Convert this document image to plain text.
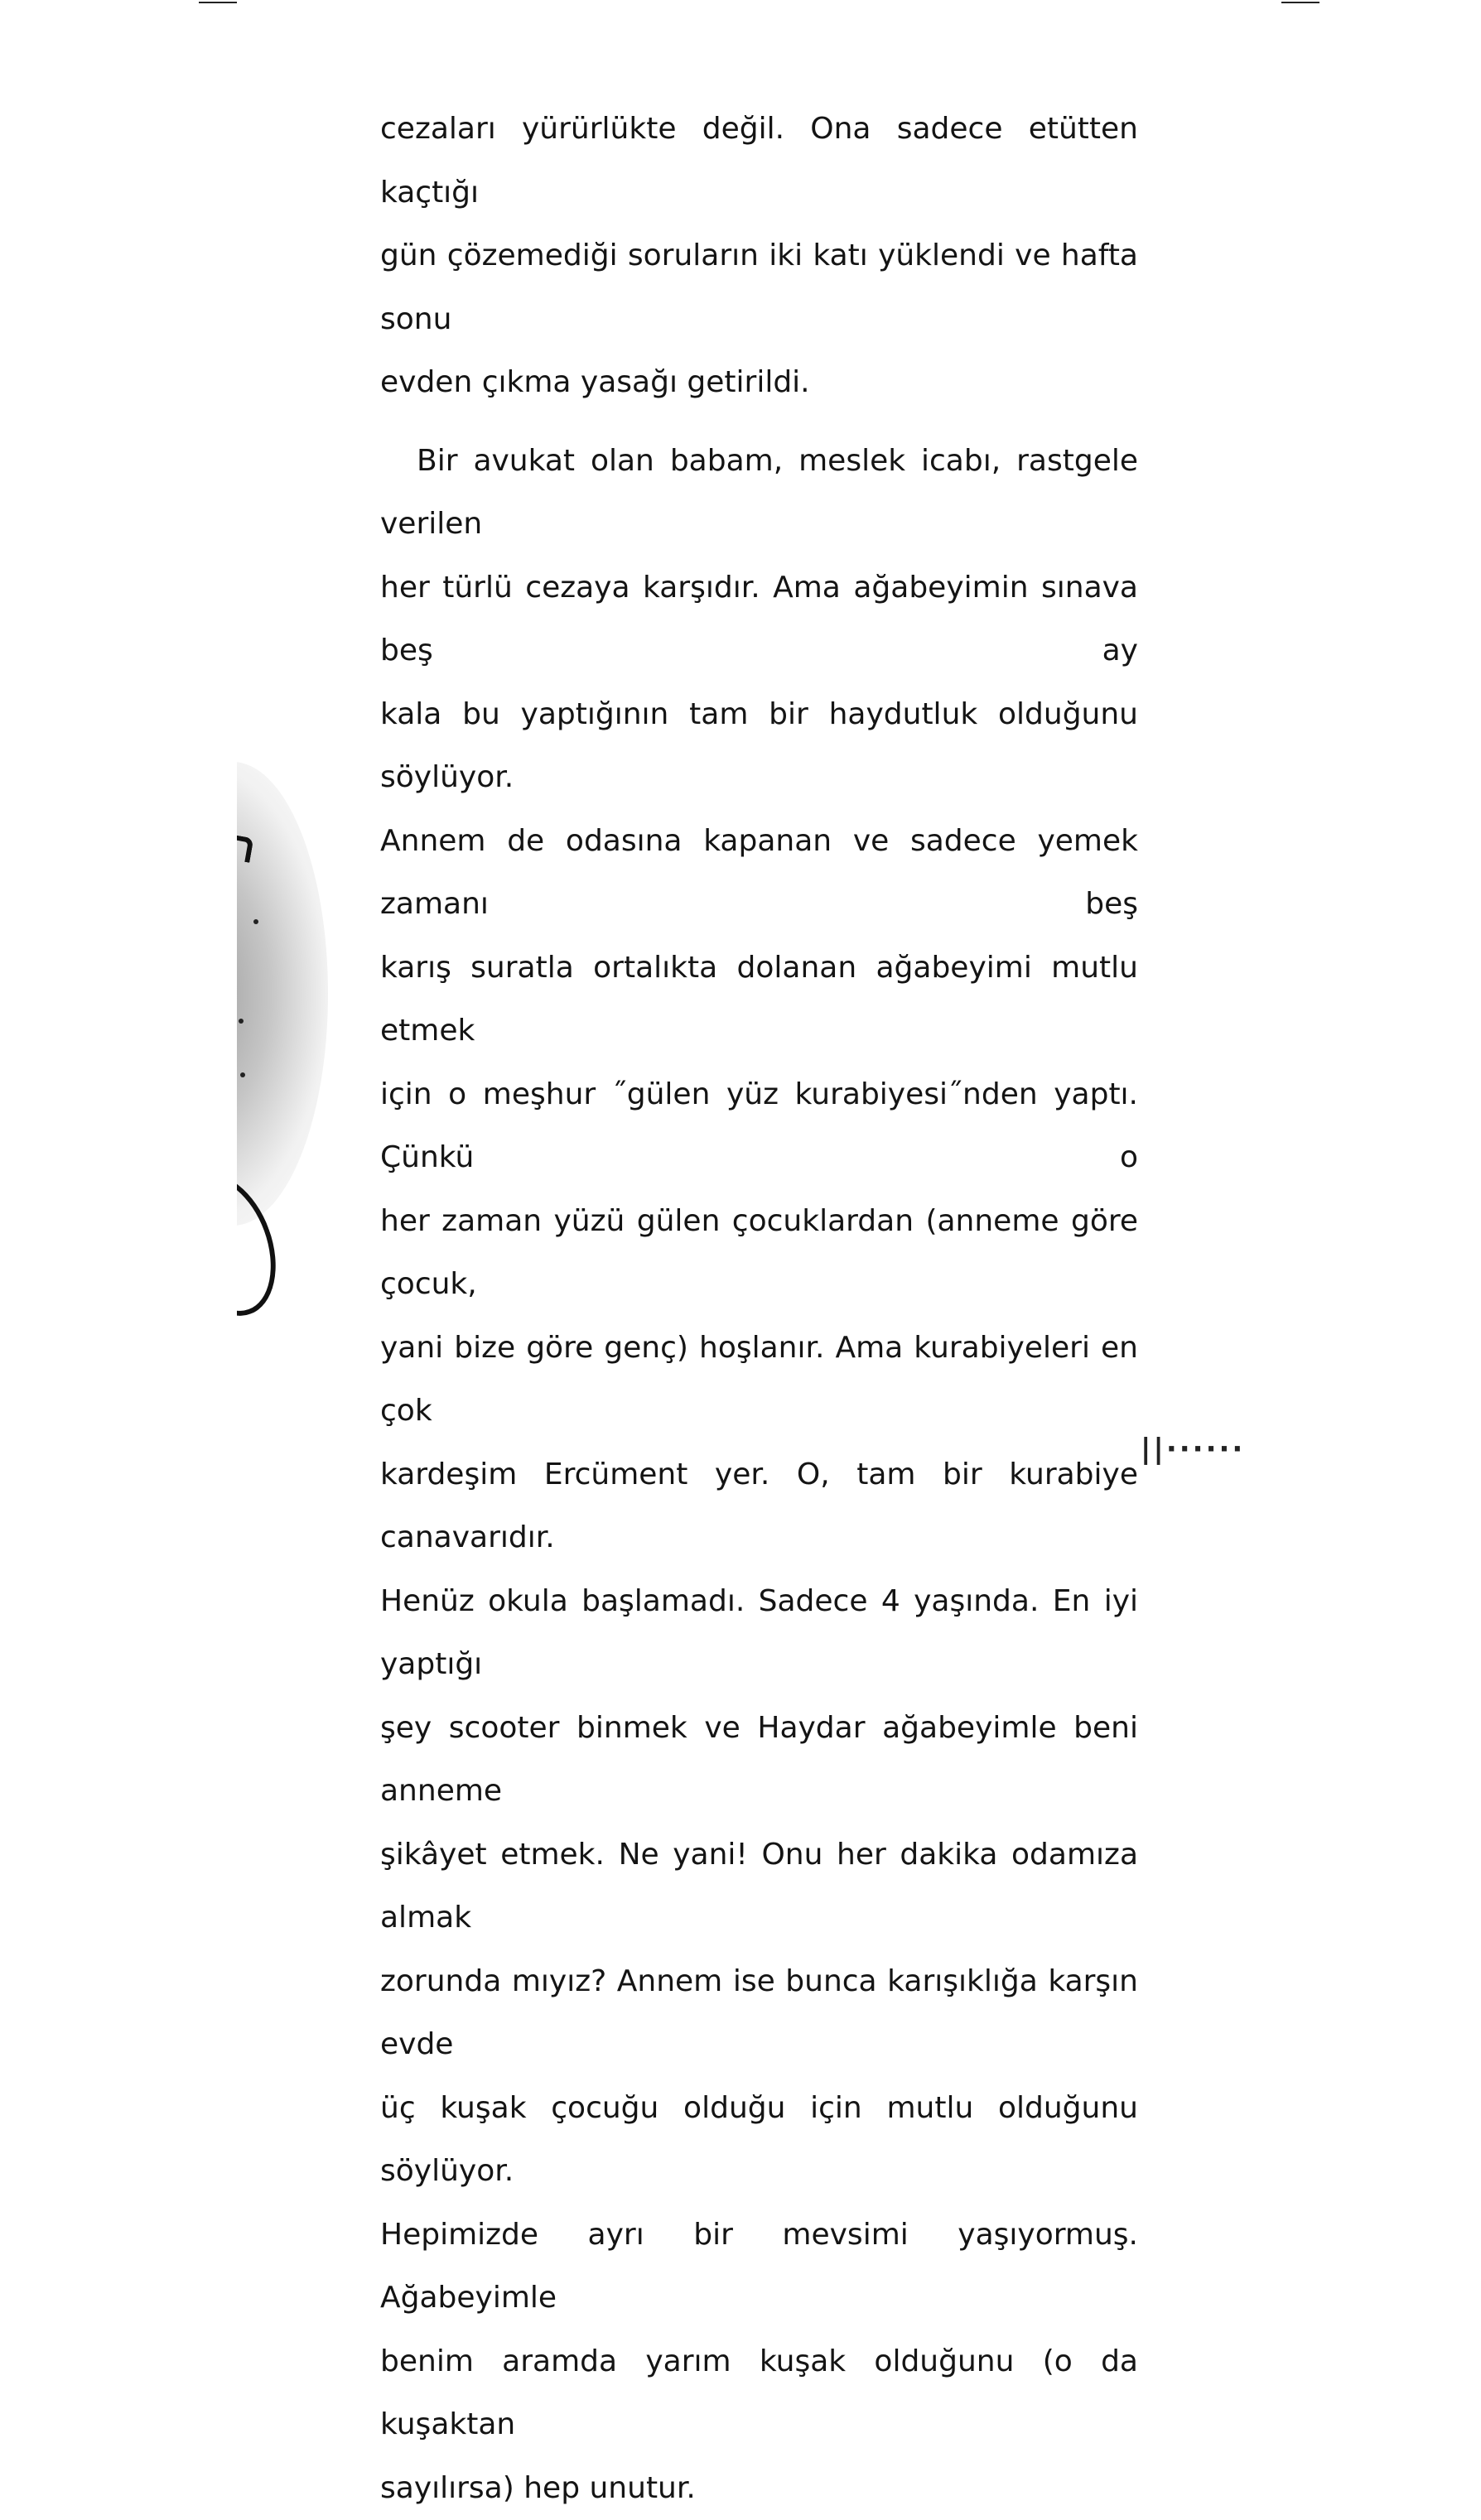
cezaları yürürlükte değil. Ona sadece etütten kaçtığı
gün çözemediği soruların iki katı yüklendi ve hafta sonu
evden çıkma yasağı getirildi.

Bir avukat olan babam, meslek icabı, rastgele verilen
her türlü cezaya karşıdır. Ama ağabeyimin sınava beş ay
kala bu yaptığının tam bir haydutluk olduğunu söylüyor.
Annem de odasına kapanan ve sadece yemek zamanı beş
karış suratla ortalıkta dolanan ağabeyimi mutlu etmek
için o meşhur ˝gülen yüz kurabiyesi˝nden yaptı. Çünkü o
her zaman yüzü gülen çocuklardan (anneme göre çocuk,
yani bize göre genç) hoşlanır. Ama kurabiyeleri en çok
kardeşim Ercüment yer. O, tam bir kurabiye canavarıdır.
Henüz okula başlamadı. Sadece 4 yaşında. En iyi yaptığı
şey scooter binmek ve Haydar ağabeyimle beni anneme
şikâyet etmek. Ne yani! Onu her dakika odamıza almak
zorunda mıyız? Annem ise bunca karışıklığa karşın evde
üç kuşak çocuğu olduğu için mutlu olduğunu söylüyor.
Hepimizde ayrı bir mevsimi yaşıyormuş. Ağabeyimle
benim aramda yarım kuşak olduğunu (o da kuşaktan
sayılırsa) hep unutur.

||······
